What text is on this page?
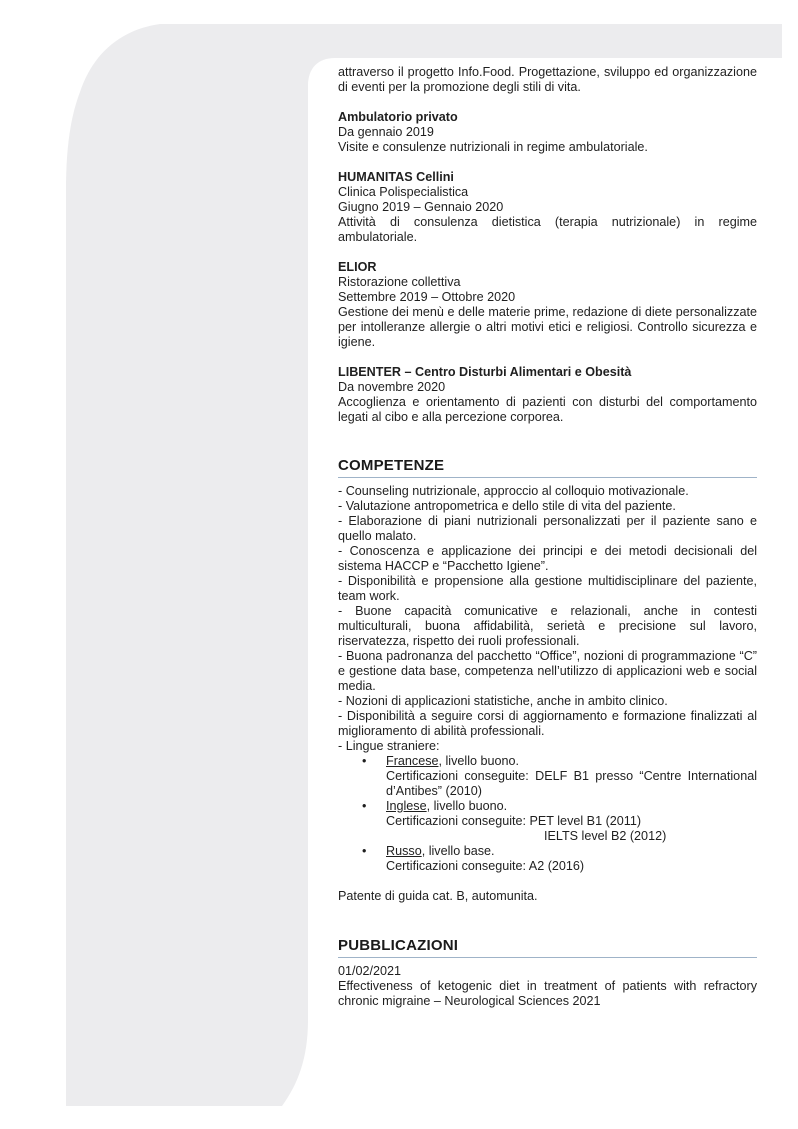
attraverso il progetto Info.Food. Progettazione, sviluppo ed organizzazione di eventi per la promozione degli stili di vita.

Ambulatorio privato

Da gennaio 2019

Visite e consulenze nutrizionali in regime ambulatoriale.

HUMANITAS Cellini

Clinica Polispecialistica

Giugno 2019 – Gennaio 2020

Attività di consulenza dietistica (terapia nutrizionale) in regime ambulatoriale.

ELIOR

Ristorazione collettiva

Settembre 2019 – Ottobre 2020

Gestione dei menù e delle materie prime, redazione di diete personalizzate per intolleranze allergie o altri motivi etici e religiosi. Controllo sicurezza e igiene.

LIBENTER – Centro Disturbi Alimentari e Obesità

Da novembre 2020

Accoglienza e orientamento di pazienti con disturbi del comportamento legati al cibo e alla percezione corporea.

COMPETENZE

- Counseling nutrizionale, approccio al colloquio motivazionale.

- Valutazione antropometrica e dello stile di vita del paziente.

- Elaborazione di piani nutrizionali personalizzati per il paziente sano e quello malato.

- Conoscenza e applicazione dei principi e dei metodi decisionali del sistema HACCP e “Pacchetto Igiene”.

- Disponibilità e propensione alla gestione multidisciplinare del paziente, team work.

- Buone capacità comunicative e relazionali, anche in contesti multiculturali, buona affidabilità, serietà e precisione sul lavoro, riservatezza, rispetto dei ruoli professionali.

- Buona padronanza del pacchetto “Office”, nozioni di programmazione “C” e gestione data base, competenza nell’utilizzo di applicazioni web e social media.

- Nozioni di applicazioni statistiche, anche in ambito clinico.

- Disponibilità a seguire corsi di aggiornamento e formazione finalizzati al miglioramento di abilità professionali.

- Lingue straniere:

• Francese, livello buono.

Certificazioni conseguite: DELF B1 presso “Centre International d’Antibes” (2010)

• Inglese, livello buono.

Certificazioni conseguite: PET level B1 (2011)

IELTS level B2 (2012)

• Russo, livello base.

Certificazioni conseguite: A2 (2016)

Patente di guida cat. B, automunita.

PUBBLICAZIONI

01/02/2021

Effectiveness of ketogenic diet in treatment of patients with refractory chronic migraine – Neurological Sciences 2021
